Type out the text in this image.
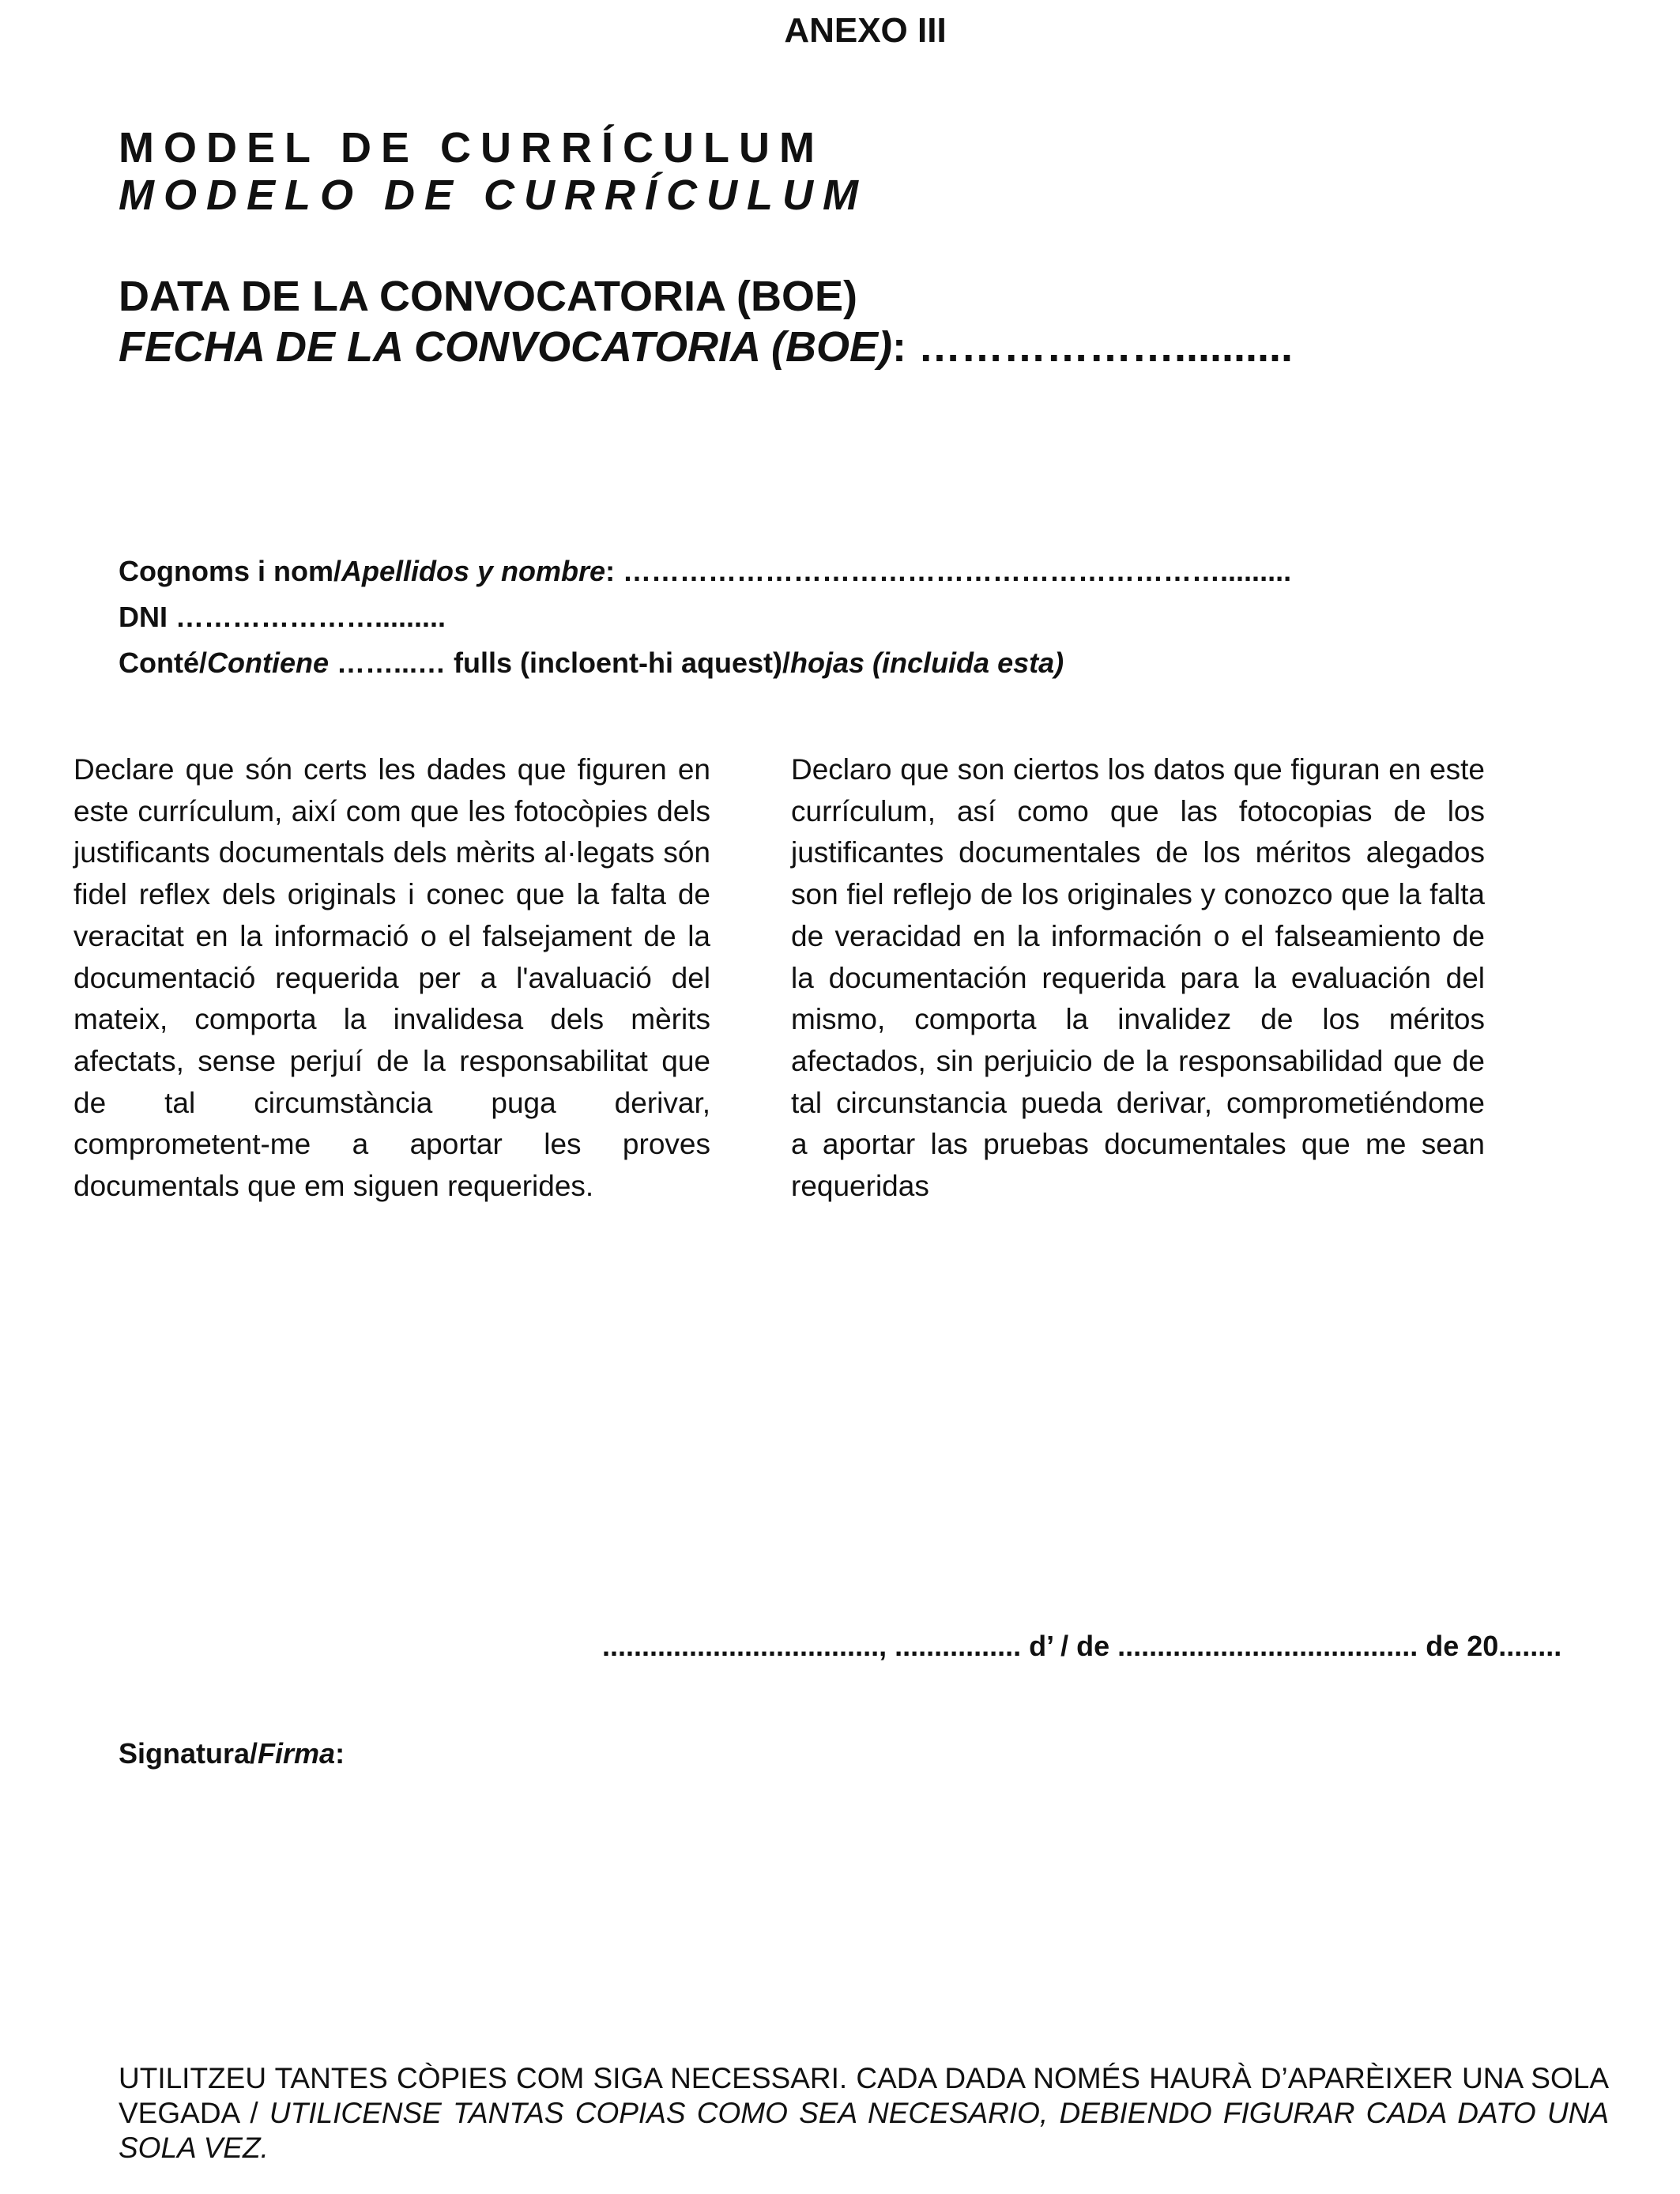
ANEXO III
MODEL DE CURRÍCULUM
MODELO DE CURRÍCULUM
DATA DE LA CONVOCATORIA (BOE)
FECHA DE LA CONVOCATORIA (BOE): ………………..........
Cognoms i nom/Apellidos y nombre: ……………………………………………………….........
DNI ………………….........
Conté/Contiene ……...… fulls (incloent-hi aquest)/hojas (incluida esta)

Declare que són certs les dades que figuren en este currículum, així com que les fotocòpies dels justificants documentals dels mèrits al·legats són fidel reflex dels originals i conec que la falta de veracitat en la informació o el falsejament de la documentació requerida per a l'avaluació del mateix, comporta la invalidesa dels mèrits afectats, sense perjuí de la responsabilitat que de tal circumstància puga derivar, comprometent-me a aportar les proves documentals que em siguen requerides.

Declaro que son ciertos los datos que figuran en este currículum, así como que las fotocopias de los justificantes documentales de los méritos alegados son fiel reflejo de los originales y conozco que la falta de veracidad en la información o el falseamiento de la documentación requerida para la evaluación del mismo, comporta la invalidez de los méritos afectados, sin perjuicio de la responsabilidad que de tal circunstancia pueda derivar, comprometiéndome a aportar las pruebas documentales que me sean requeridas

..................................., ................ d’ / de ...................................... de 20........
Signatura/Firma:
UTILITZEU TANTES CÒPIES COM SIGA NECESSARI. CADA DADA NOMÉS HAURÀ D’APARÈIXER UNA SOLA VEGADA / UTILICENSE TANTAS COPIAS COMO SEA NECESARIO, DEBIENDO FIGURAR CADA DATO UNA SOLA VEZ.
